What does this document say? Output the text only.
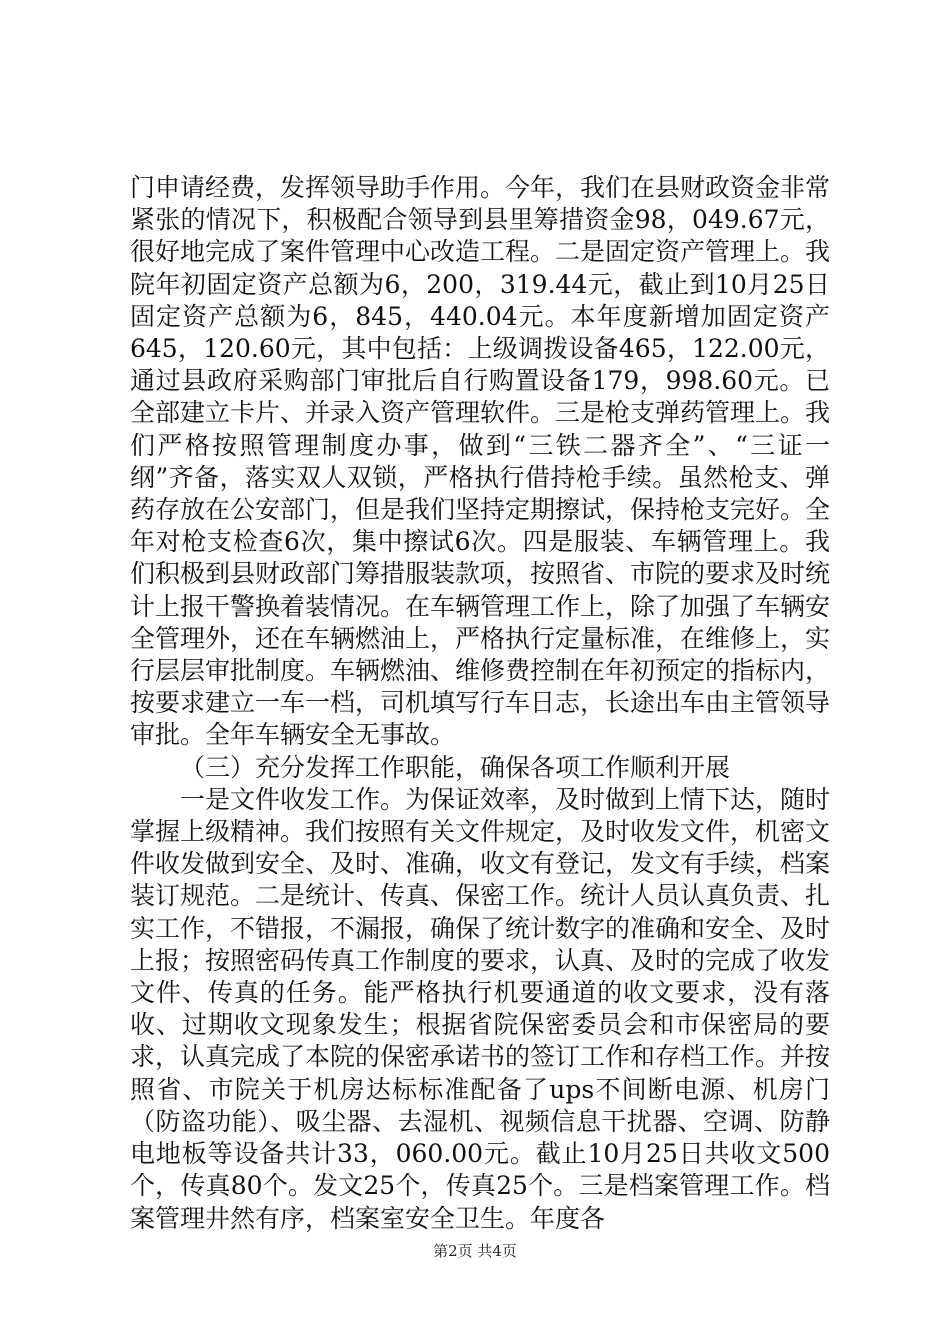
门申请经费，发挥领导助手作用。今年，我们在县财政资金非常紧张的情况下，积极配合领导到县里筹措资金98，049.67元，很好地完成了案件管理中心改造工程。二是固定资产管理上。我院年初固定资产总额为6，200，319.44元，截止到10月25日固定资产总额为6，845，440.04元。本年度新增加固定资产645，120.60元，其中包括：上级调拨设备465，122.00元，通过县政府采购部门审批后自行购置设备179，998.60元。已全部建立卡片、并录入资产管理软件。三是枪支弹药管理上。我们严格按照管理制度办事，做到“三铁二器齐全”、“三证一纲”齐备，落实双人双锁，严格执行借持枪手续。虽然枪支、弹药存放在公安部门，但是我们坚持定期擦试，保持枪支完好。全年对枪支检查6次，集中擦试6次。四是服装、车辆管理上。我们积极到县财政部门筹措服装款项，按照省、市院的要求及时统计上报干警换着装情况。在车辆管理工作上，除了加强了车辆安全管理外，还在车辆燃油上，严格执行定量标准，在维修上，实行层层审批制度。车辆燃油、维修费控制在年初预定的指标内，按要求建立一车一档，司机填写行车日志，长途出车由主管领导审批。全年车辆安全无事故。

（三）充分发挥工作职能，确保各项工作顺利开展

一是文件收发工作。为保证效率，及时做到上情下达，随时掌握上级精神。我们按照有关文件规定，及时收发文件，机密文件收发做到安全、及时、准确，收文有登记，发文有手续，档案装订规范。二是统计、传真、保密工作。统计人员认真负责、扎实工作，不错报，不漏报，确保了统计数字的准确和安全、及时上报；按照密码传真工作制度的要求，认真、及时的完成了收发文件、传真的任务。能严格执行机要通道的收文要求，没有落收、过期收文现象发生；根据省院保密委员会和市保密局的要求，认真完成了本院的保密承诺书的签订工作和存档工作。并按照省、市院关于机房达标标准配备了ups不间断电源、机房门（防盗功能）、吸尘器、去湿机、视频信息干扰器、空调、防静电地板等设备共计33，060.00元。截止10月25日共收文500个，传真80个。发文25个，传真25个。三是档案管理工作。档案管理井然有序，档案室安全卫生。年度各

第2页 共4页
